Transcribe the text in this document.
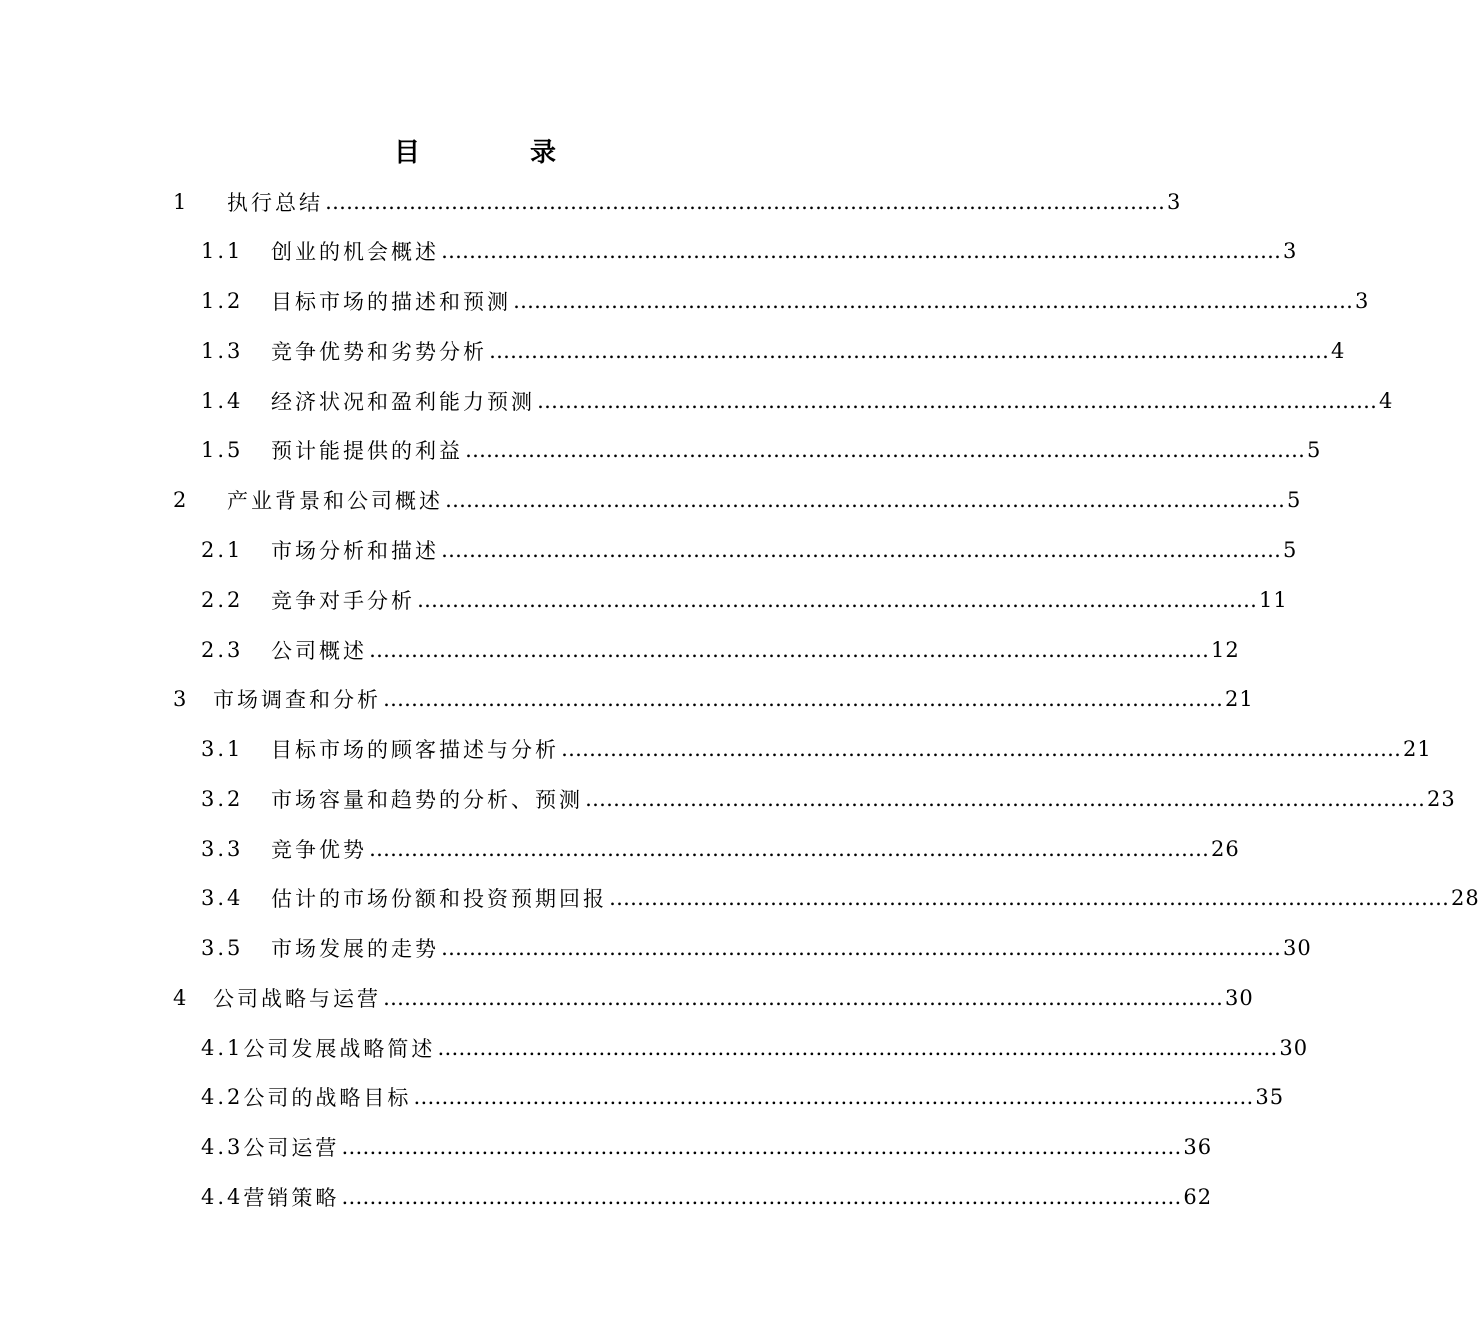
目	录
1	执行总结 ………………………………………………………………………………………………………… 3
1.1	创业的机会概述 ………………………………………………………………………………………………………… 3
1.2	目标市场的描述和预测 ………………………………………………………………………………………………………… 3
1.3	竞争优势和劣势分析 ………………………………………………………………………………………………………… 4
1.4	经济状况和盈利能力预测 ………………………………………………………………………………………………………… 4
1.5	预计能提供的利益 ………………………………………………………………………………………………………… 5
2	产业背景和公司概述 ………………………………………………………………………………………………………… 5
2.1	市场分析和描述 ………………………………………………………………………………………………………… 5
2.2	竞争对手分析 ………………………………………………………………………………………………………… 11
2.3	公司概述 ………………………………………………………………………………………………………… 12
3	市场调查和分析 ………………………………………………………………………………………………………… 21
3.1	目标市场的顾客描述与分析 ………………………………………………………………………………………………………… 21
3.2	市场容量和趋势的分析、预测 ………………………………………………………………………………………………………… 23
3.3	竞争优势 ………………………………………………………………………………………………………… 26
3.4	估计的市场份额和投资预期回报 ………………………………………………………………………………………………………… 28
3.5	市场发展的走势 ………………………………………………………………………………………………………… 30
4	公司战略与运营 ………………………………………………………………………………………………………… 30
4.1 公司发展战略简述 ………………………………………………………………………………………………………… 30
4.2 公司的战略目标 ………………………………………………………………………………………………………… 35
4.3 公司运营 ………………………………………………………………………………………………………… 36
4.4 营销策略 ………………………………………………………………………………………………………… 62
